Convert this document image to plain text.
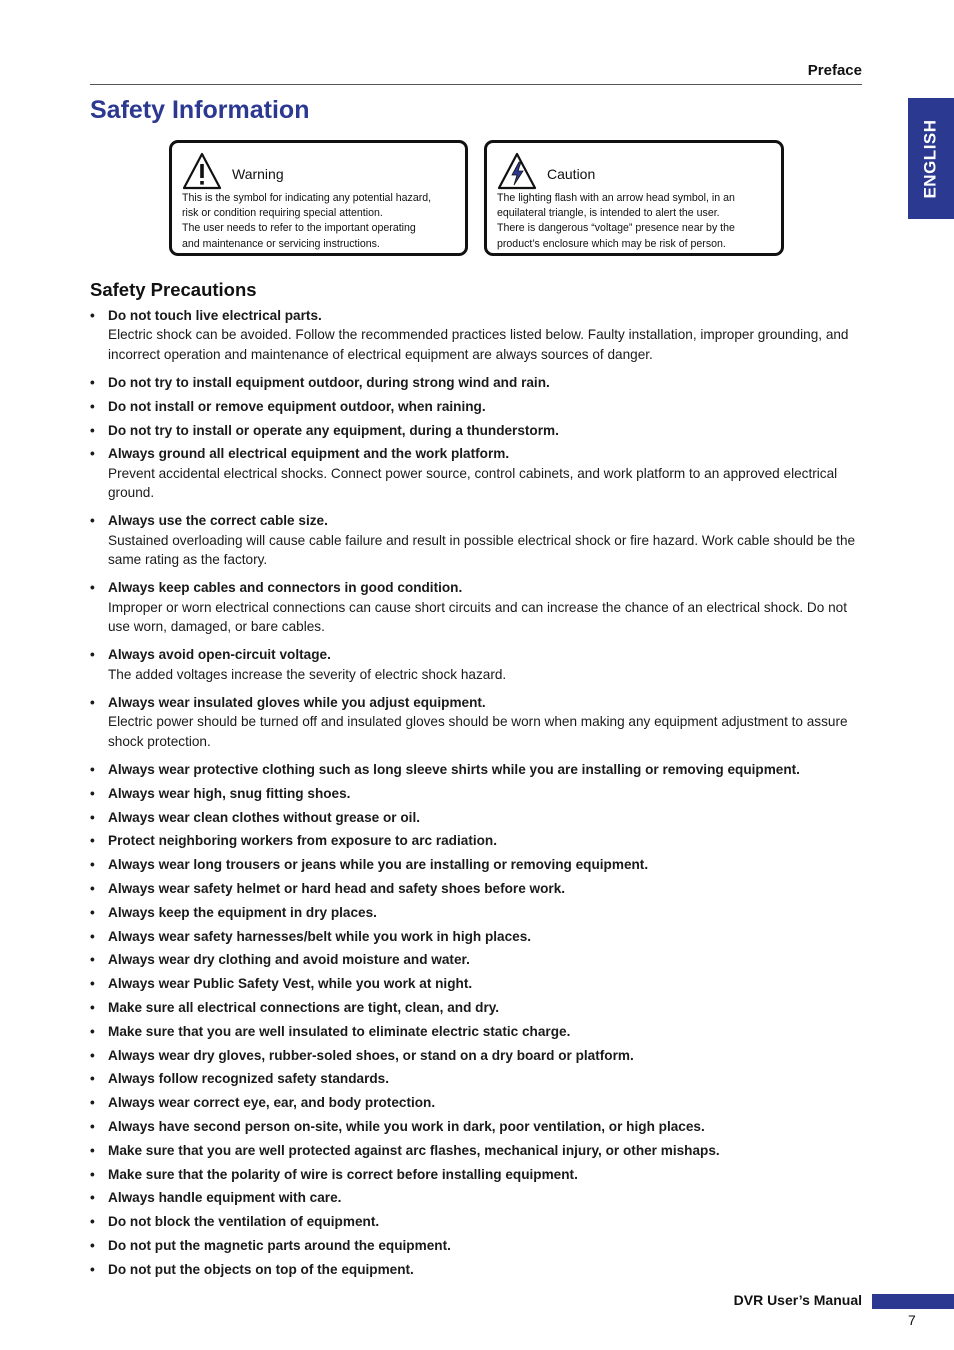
Preface
Safety Information
ENGLISH
Warning

This is the symbol for indicating any potential hazard,
risk or condition requiring special attention.
The user needs to refer to the important operating
and maintenance or servicing instructions.

Caution

The lighting flash with an arrow head symbol, in an
equilateral triangle, is intended to alert the user.
There is dangerous “voltage” presence near by the
product’s enclosure which may be risk of person.

Safety Precautions
• Do not touch live electrical parts.
Electric shock can be avoided. Follow the recommended practices listed below. Faulty installation, improper grounding, and incorrect operation and maintenance of electrical equipment are always sources of danger.
• Do not try to install equipment outdoor, during strong wind and rain.
• Do not install or remove equipment outdoor, when raining.
• Do not try to install or operate any equipment, during a thunderstorm.
• Always ground all electrical equipment and the work platform.
Prevent accidental electrical shocks. Connect power source, control cabinets, and work platform to an approved electrical ground.
• Always use the correct cable size.
Sustained overloading will cause cable failure and result in possible electrical shock or fire hazard. Work cable should be the same rating as the factory.
• Always keep cables and connectors in good condition.
Improper or worn electrical connections can cause short circuits and can increase the chance of an electrical shock. Do not use worn, damaged, or bare cables.
• Always avoid open-circuit voltage.
The added voltages increase the severity of electric shock hazard.
• Always wear insulated gloves while you adjust equipment.
Electric power should be turned off and insulated gloves should be worn when making any equipment adjustment to assure shock protection.
• Always wear protective clothing such as long sleeve shirts while you are installing or removing equipment.
• Always wear high, snug fitting shoes.
• Always wear clean clothes without grease or oil.
• Protect neighboring workers from exposure to arc radiation.
• Always wear long trousers or jeans while you are installing or removing equipment.
• Always wear safety helmet or hard head and safety shoes before work.
• Always keep the equipment in dry places.
• Always wear safety harnesses/belt while you work in high places.
• Always wear dry clothing and avoid moisture and water.
• Always wear Public Safety Vest, while you work at night.
• Make sure all electrical connections are tight, clean, and dry.
• Make sure that you are well insulated to eliminate electric static charge.
• Always wear dry gloves, rubber-soled shoes, or stand on a dry board or platform.
• Always follow recognized safety standards.
• Always wear correct eye, ear, and body protection.
• Always have second person on-site, while you work in dark, poor ventilation, or high places.
• Make sure that you are well protected against arc flashes, mechanical injury, or other mishaps.
• Make sure that the polarity of wire is correct before installing equipment.
• Always handle equipment with care.
• Do not block the ventilation of equipment.
• Do not put the magnetic parts around the equipment.
• Do not put the objects on top of the equipment.
DVR User’s Manual
7
